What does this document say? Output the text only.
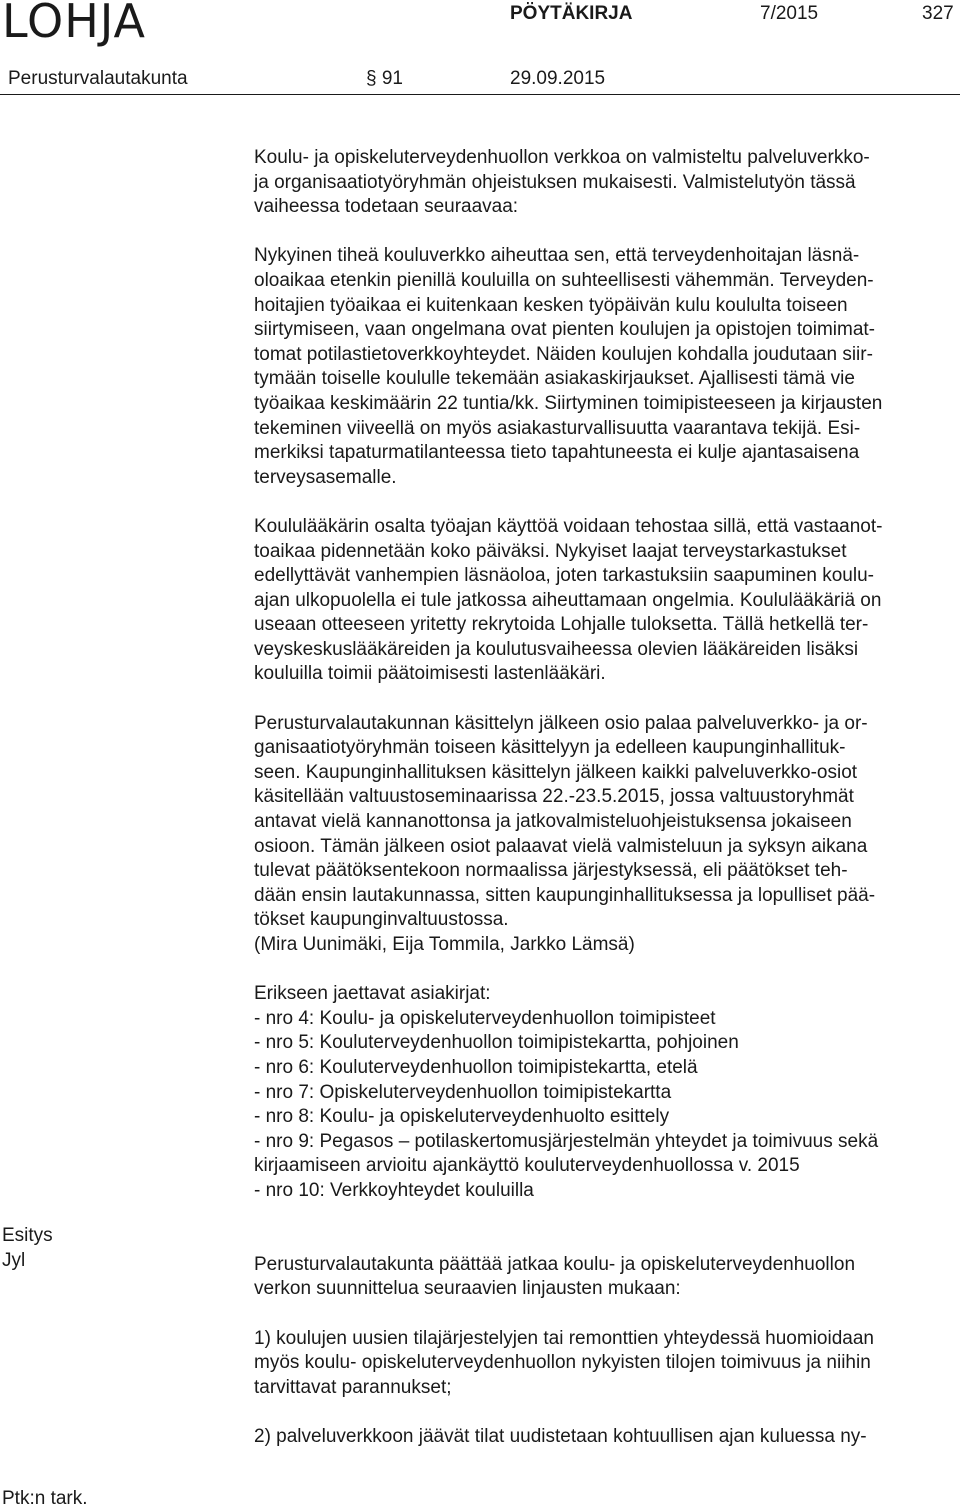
LOHJA	PÖYTÄKIRJA	7/2015	327
Perusturvalautakunta	§ 91	29.09.2015

Koulu- ja opiskeluterveydenhuollon verkkoa on valmisteltu palveluverkko-
ja organisaatiotyöryhmän ohjeistuksen mukaisesti. Valmistelutyön tässä
vaiheessa todetaan seuraavaa:

Nykyinen tiheä kouluverkko aiheuttaa sen, että terveydenhoitajan läsnä-
oloaikaa etenkin pienillä kouluilla on suhteellisesti vähemmän. Terveyden-
hoitajien työaikaa ei kuitenkaan kesken työpäivän kulu koululta toiseen
siirtymiseen, vaan ongelmana ovat pienten koulujen ja opistojen toimimat-
tomat potilastietoverkkoyhteydet. Näiden koulujen kohdalla joudutaan siir-
tymään toiselle koululle tekemään asiakaskirjaukset. Ajallisesti tämä vie
työaikaa keskimäärin 22 tuntia/kk. Siirtyminen toimipisteeseen ja kirjausten
tekeminen viiveellä on myös asiakasturvallisuutta vaarantava tekijä. Esi-
merkiksi tapaturmatilanteessa tieto tapahtuneesta ei kulje ajantasaisena
terveysasemalle.

Koululääkärin osalta työajan käyttöä voidaan tehostaa sillä, että vastaanot-
toaikaa pidennetään koko päiväksi. Nykyiset laajat terveystarkastukset
edellyttävät vanhempien läsnäoloa, joten tarkastuksiin saapuminen koulu-
ajan ulkopuolella ei tule jatkossa aiheuttamaan ongelmia. Koululääkäriä on
useaan otteeseen yritetty rekrytoida Lohjalle tuloksetta. Tällä hetkellä ter-
veyskeskuslääkäreiden ja koulutusvaiheessa olevien lääkäreiden lisäksi
kouluilla toimii päätoimisesti lastenlääkäri.

Perusturvalautakunnan käsittelyn jälkeen osio palaa palveluverkko- ja or-
ganisaatiotyöryhmän toiseen käsittelyyn ja edelleen kaupunginhallituk-
seen. Kaupunginhallituksen käsittelyn jälkeen kaikki palveluverkko-osiot
käsitellään valtuustoseminaarissa 22.-23.5.2015, jossa valtuustoryhmät
antavat vielä kannanottonsa ja jatkovalmisteluohjeistuksensa jokaiseen
osioon. Tämän jälkeen osiot palaavat vielä valmisteluun ja syksyn aikana
tulevat päätöksentekoon normaalissa järjestyksessä, eli päätökset teh-
dään ensin lautakunnassa, sitten kaupunginhallituksessa ja lopulliset pää-
tökset kaupunginvaltuustossa.
(Mira Uunimäki, Eija Tommila, Jarkko Lämsä)

Erikseen jaettavat asiakirjat:
- nro 4: Koulu- ja opiskeluterveydenhuollon toimipisteet
- nro 5: Kouluterveydenhuollon toimipistekartta, pohjoinen
- nro 6: Kouluterveydenhuollon toimipistekartta, etelä
- nro 7: Opiskeluterveydenhuollon toimipistekartta
- nro 8: Koulu- ja opiskeluterveydenhuolto esittely
- nro 9: Pegasos – potilaskertomusjärjestelmän yhteydet ja toimivuus sekä
kirjaamiseen arvioitu ajankäyttö kouluterveydenhuollossa v. 2015
- nro 10: Verkkoyhteydet kouluilla

Perusturvalautakunta päättää jatkaa koulu- ja opiskeluterveydenhuollon
verkon suunnittelua seuraavien linjausten mukaan:

1) koulujen uusien tilajärjestelyjen tai remonttien yhteydessä huomioidaan
myös koulu- opiskeluterveydenhuollon nykyisten tilojen toimivuus ja niihin
tarvittavat parannukset;

2) palveluverkkoon jäävät tilat uudistetaan kohtuullisen ajan kuluessa ny-

Esitys
Jyl
Ptk:n tark.
